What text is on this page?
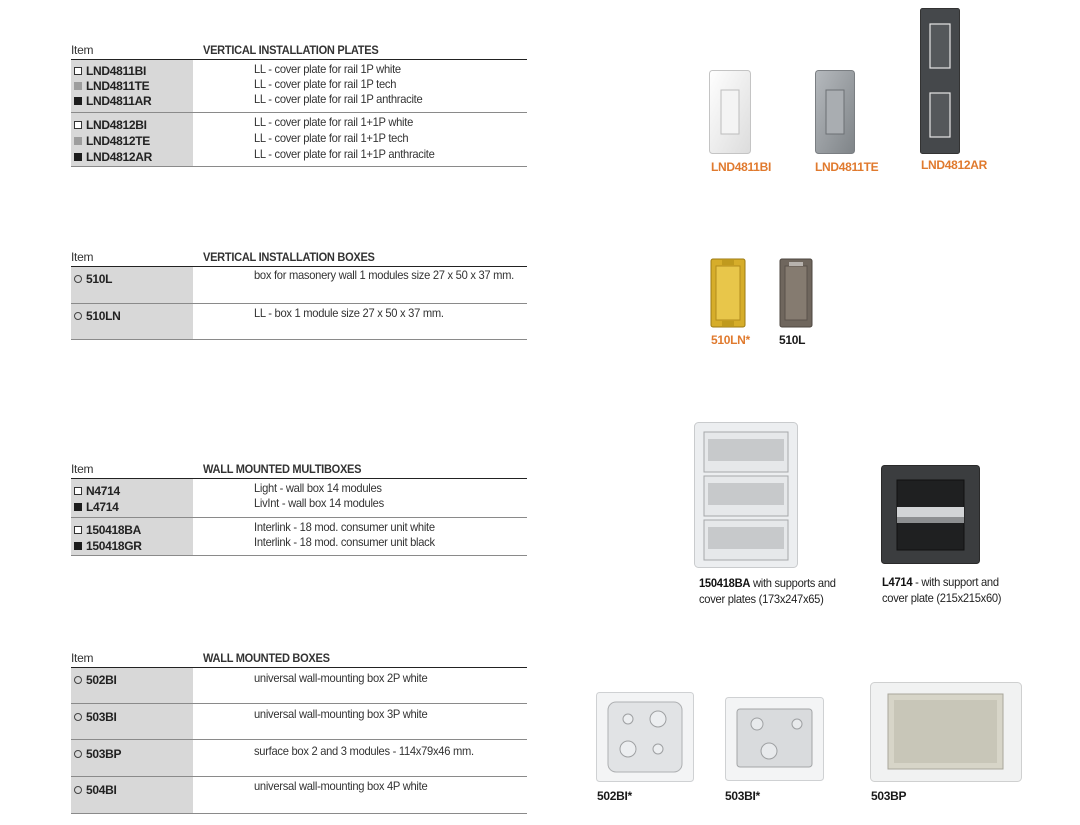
Item	VERTICAL INSTALLATION PLATES
LND4811BI	LL - cover plate for rail 1P white
LND4811TE	LL - cover plate for rail 1P tech
LND4811AR	LL - cover plate for rail 1P anthracite
LND4812BI	LL - cover plate for rail 1+1P white
LND4812TE	LL - cover plate for rail 1+1P tech
LND4812AR	LL - cover plate for rail 1+1P anthracite
Item	VERTICAL INSTALLATION BOXES
510L	box for masonery wall 1 modules size 27 x 50 x 37 mm.
510LN	LL - box 1 module size 27 x 50 x 37 mm.
Item	WALL MOUNTED MULTIBOXES
N4714	Light - wall box 14 modules
L4714	LivInt - wall box 14 modules
150418BA	Interlink - 18 mod. consumer unit white
150418GR	Interlink - 18 mod. consumer unit black
Item	WALL MOUNTED BOXES
502BI	universal wall-mounting box 2P white
503BI	universal wall-mounting box 3P white
503BP	surface box 2 and 3 modules - 114x79x46 mm.
504BI	universal wall-mounting box 4P white
LND4811BI	LND4811TE	LND4812AR
510LN* 510L
150418BA with supports and
cover plates (173x247x65)
L4714 - with support and
cover plate (215x215x60)
502BI*	503BI*	503BP
